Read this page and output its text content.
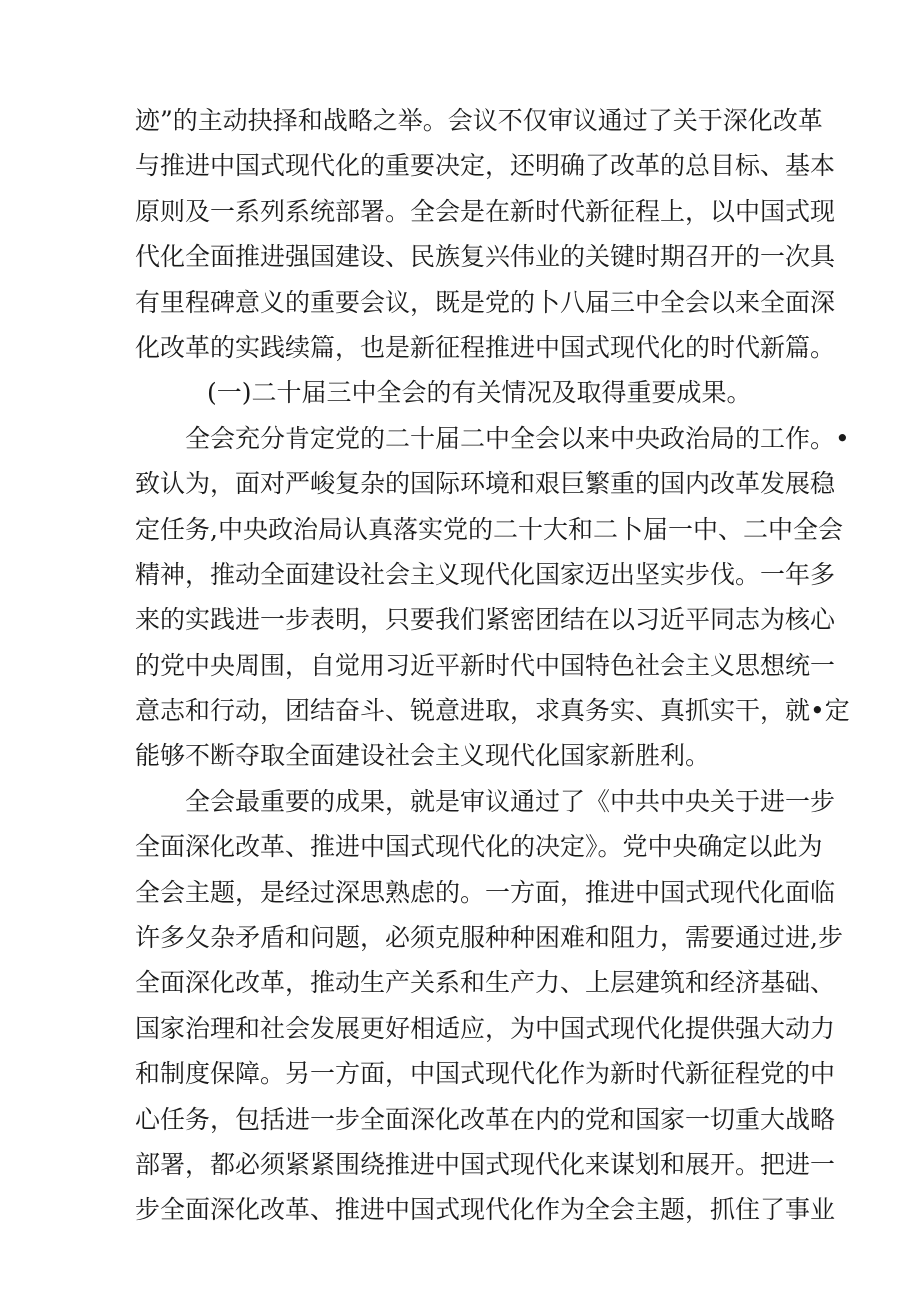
迹”的主动抉择和战略之举。会议不仅审议通过了关于深化改革
与推进中国式现代化的重要决定，还明确了改革的总目标、基本
原则及一系列系统部署。全会是在新时代新征程上，以中国式现
代化全面推进强国建设、民族复兴伟业的关键时期召开的一次具
有里程碑意义的重要会议，既是党的卜八届三中全会以来全面深
化改革的实践续篇，也是新征程推进中国式现代化的时代新篇。
(一)二十届三中全会的有关情况及取得重要成果。
全会充分肯定党的二十届二中全会以来中央政治局的工作。•
致认为，面对严峻复杂的国际环境和艰巨繁重的国内改革发展稳
定任务,中央政治局认真落实党的二十大和二卜届一中、二中全会
精神，推动全面建设社会主义现代化国家迈出坚实步伐。一年多
来的实践进一步表明，只要我们紧密团结在以习近平同志为核心
的党中央周围，自觉用习近平新时代中国特色社会主义思想统一
意志和行动，团结奋斗、锐意进取，求真务实、真抓实干，就•定
能够不断夺取全面建设社会主义现代化国家新胜利。
全会最重要的成果，就是审议通过了《中共中央关于进一步
全面深化改革、推进中国式现代化的决定》。党中央确定以此为
全会主题，是经过深思熟虑的。一方面，推进中国式现代化面临
许多夂杂矛盾和问题，必须克服种种困难和阻力，需要通过进,步
全面深化改革，推动生产关系和生产力、上层建筑和经济基础、
国家治理和社会发展更好相适应，为中国式现代化提供强大动力
和制度保障。另一方面，中国式现代化作为新时代新征程党的中
心任务，包括进一步全面深化改革在内的党和国家一切重大战略
部署，都必须紧紧围绕推进中国式现代化来谋划和展开。把进一
步全面深化改革、推进中国式现代化作为全会主题，抓住了事业
